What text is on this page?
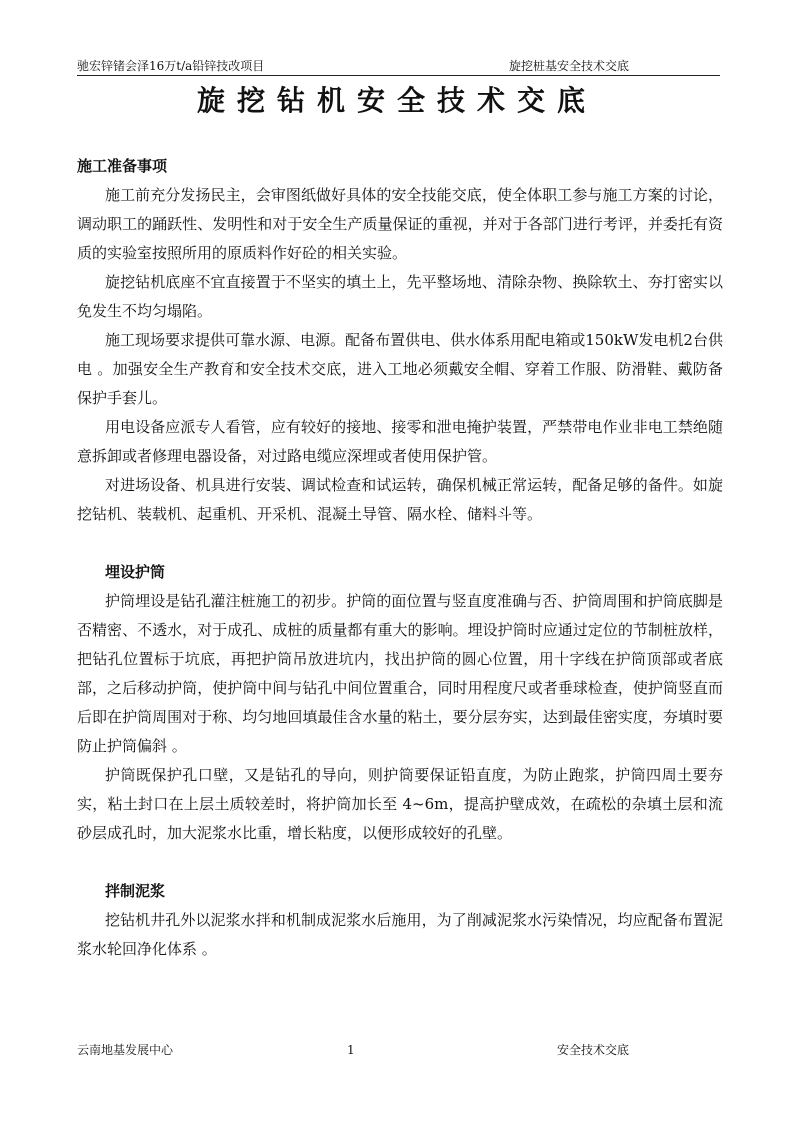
驰宏锌锗会泽16万t/a铅锌技改项目	旋挖桩基安全技术交底
旋挖钻机安全技术交底

施工准备事项

施工前充分发扬民主，会审图纸做好具体的安全技能交底，使全体职工参与施工方案的讨论，调动职工的踊跃性、发明性和对于安全生产质量保证的重视，并对于各部门进行考评，并委托有资质的实验室按照所用的原质料作好砼的相关实验。

旋挖钻机底座不宜直接置于不坚实的填土上，先平整场地、清除杂物、换除软土、夯打密实以免发生不均匀塌陷。

施工现场要求提供可靠水源、电源。配备布置供电、供水体系用配电箱或150kW发电机2台供电 。加强安全生产教育和安全技术交底，进入工地必须戴安全帽、穿着工作服、防滑鞋、戴防备保护手套儿。

用电设备应派专人看管，应有较好的接地、接零和泄电掩护装置，严禁带电作业非电工禁绝随意拆卸或者修理电器设备，对过路电缆应深埋或者使用保护管。

对进场设备、机具进行安装、调试检查和试运转，确保机械正常运转，配备足够的备件。如旋挖钻机、装载机、起重机、开采机、混凝土导管、隔水栓、储料斗等。

埋设护筒

护筒埋设是钻孔灌注桩施工的初步。护筒的面位置与竖直度准确与否、护筒周围和护筒底脚是否精密、不透水，对于成孔、成桩的质量都有重大的影响。埋设护筒时应通过定位的节制桩放样，把钻孔位置标于坑底，再把护筒吊放进坑内，找出护筒的圆心位置，用十字线在护筒顶部或者底部，之后移动护筒，使护筒中间与钻孔中间位置重合，同时用程度尺或者垂球检查，使护筒竖直而后即在护筒周围对于称、均匀地回填最佳含水量的粘土，要分层夯实，达到最佳密实度，夯填时要防止护筒偏斜 。

护筒既保护孔口壁，又是钻孔的导向，则护筒要保证铅直度，为防止跑浆，护筒四周土要夯实，粘土封口在上层土质较差时，将护筒加长至 4~6m，提高护壁成效，在疏松的杂填土层和流砂层成孔时，加大泥浆水比重，增长粘度，以便形成较好的孔壁。

拌制泥浆

挖钻机井孔外以泥浆水拌和机制成泥浆水后施用，为了削减泥浆水污染情况，均应配备布置泥浆水轮回净化体系 。

云南地基发展中心	1	安全技术交底
